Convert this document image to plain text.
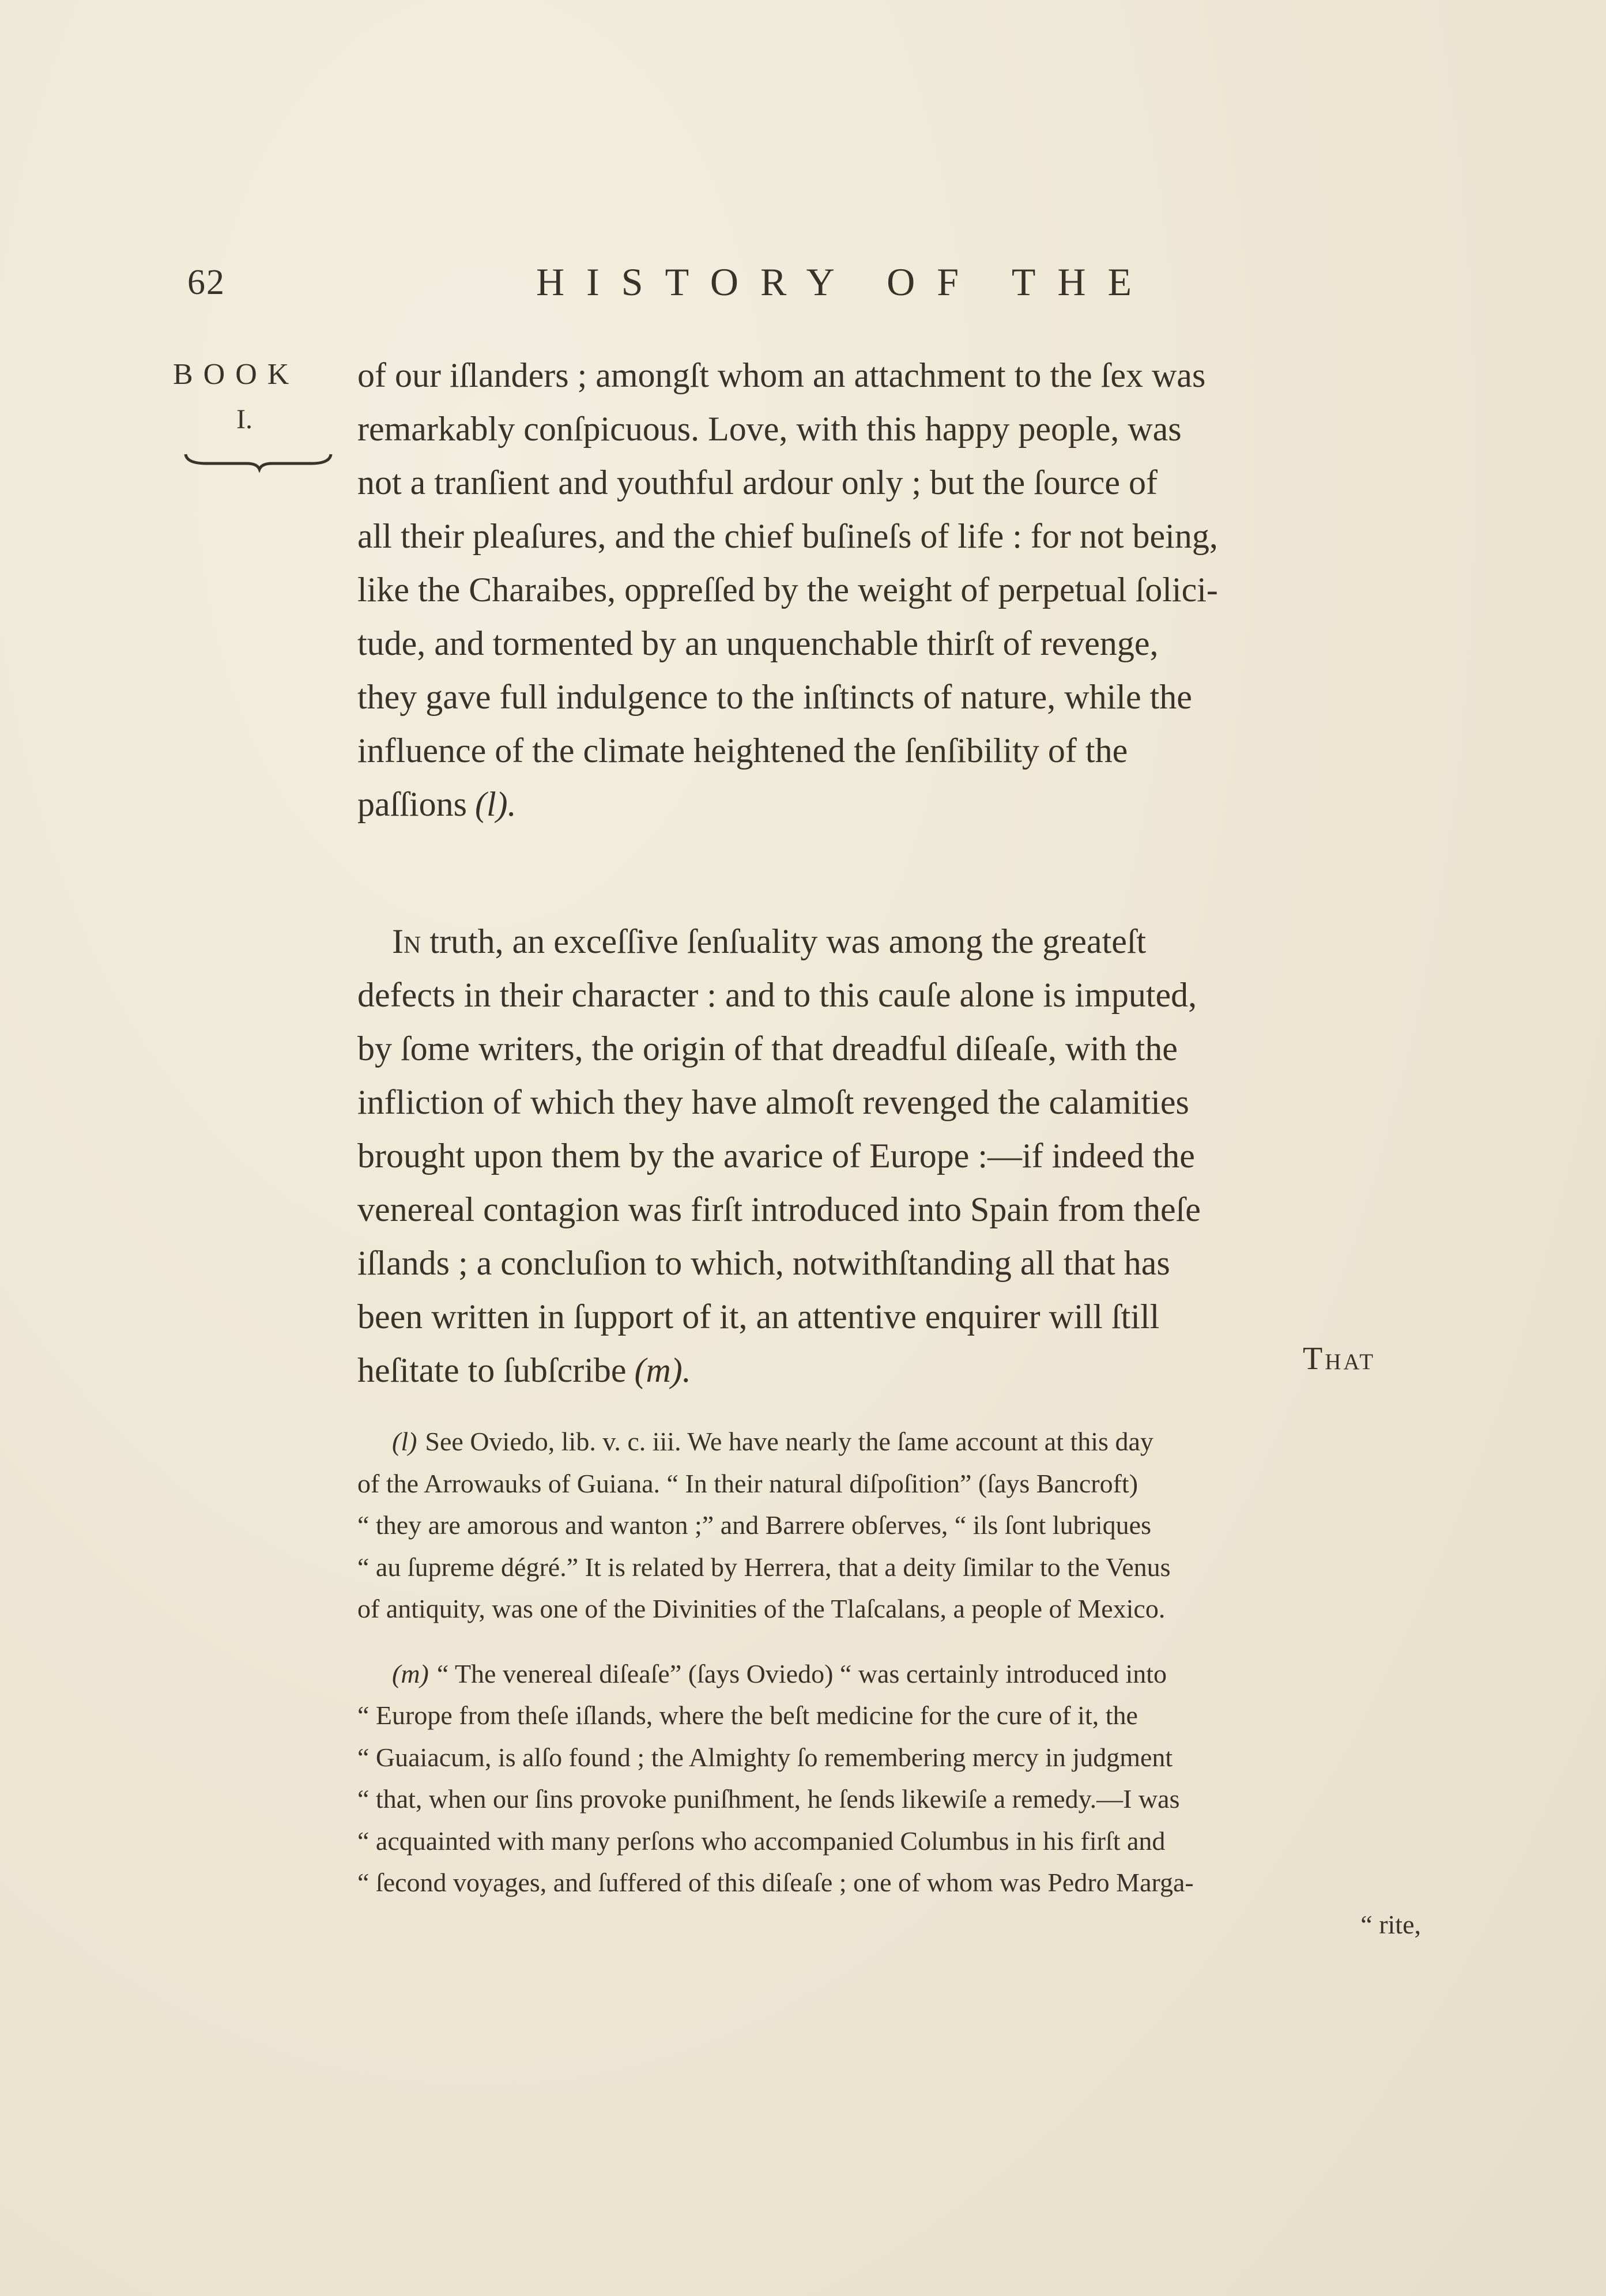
62	HISTORY OF THE
BOOK
I.
of our iſlanders ; amongſt whom an attachment to the ſex was
remarkably conſpicuous. Love, with this happy people, was
not a tranſient and youthful ardour only ; but the ſource of
all their pleaſures, and the chief buſineſs of life : for not being,
like the Charaibes, oppreſſed by the weight of perpetual ſolici-
tude, and tormented by an unquenchable thirſt of revenge,
they gave full indulgence to the inſtincts of nature, while the
influence of the climate heightened the ſenſibility of the
paſſions (l).
In truth, an exceſſive ſenſuality was among the greateſt
defects in their character : and to this cauſe alone is imputed,
by ſome writers, the origin of that dreadful diſeaſe, with the
infliction of which they have almoſt revenged the calamities
brought upon them by the avarice of Europe :—if indeed the
venereal contagion was firſt introduced into Spain from theſe
iſlands ; a concluſion to which, notwithſtanding all that has
been written in ſupport of it, an attentive enquirer will ſtill
heſitate to ſubſcribe (m).	That
(l) See Oviedo, lib. v. c. iii. We have nearly the ſame account at this day
of the Arrowauks of Guiana. “ In their natural diſpoſition” (ſays Bancroft)
“ they are amorous and wanton ;” and Barrere obſerves, “ ils ſont lubriques
“ au ſupreme dégré.” It is related by Herrera, that a deity ſimilar to the Venus
of antiquity, was one of the Divinities of the Tlaſcalans, a people of Mexico.
(m) “ The venereal diſeaſe” (ſays Oviedo) “ was certainly introduced into
“ Europe from theſe iſlands, where the beſt medicine for the cure of it, the
“ Guaiacum, is alſo found ; the Almighty ſo remembering mercy in judgment
“ that, when our ſins provoke puniſhment, he ſends likewiſe a remedy.—I was
“ acquainted with many perſons who accompanied Columbus in his firſt and
“ ſecond voyages, and ſuffered of this diſeaſe ; one of whom was Pedro Marga-
“ rite,
